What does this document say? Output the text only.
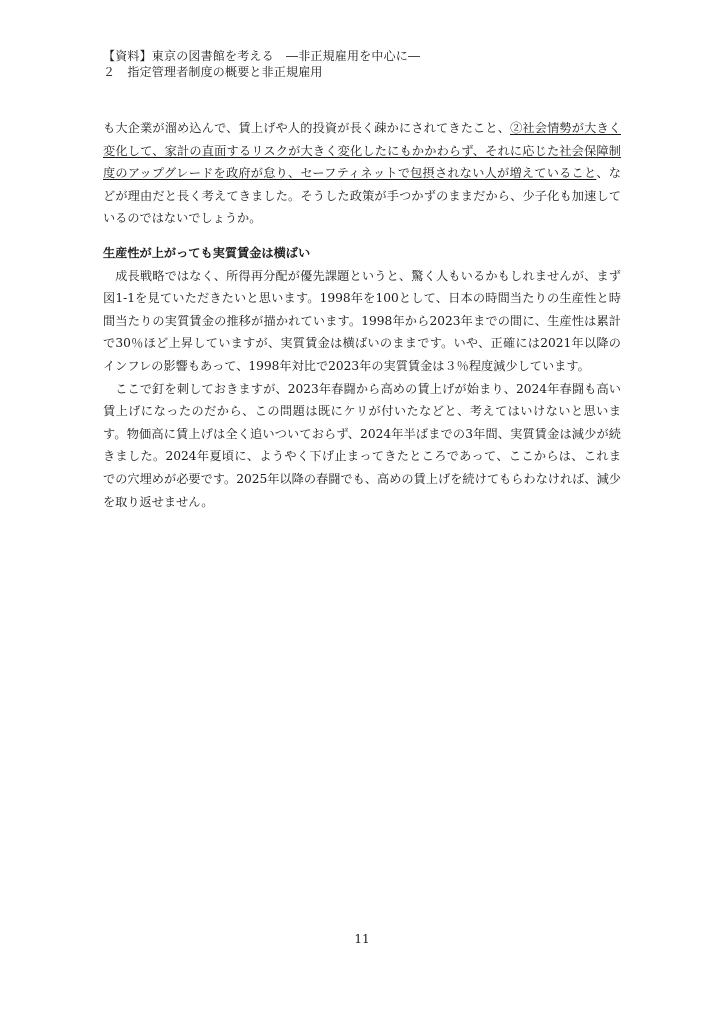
【資料】東京の図書館を考える　―非正規雇用を中心に―
２　指定管理者制度の概要と非正規雇用

も大企業が溜め込んで、賃上げや人的投資が長く疎かにされてきたこと、②社会情勢が大きく変化して、家計の直面するリスクが大きく変化したにもかかわらず、それに応じた社会保障制度のアップグレードを政府が怠り、セーフティネットで包摂されない人が増えていること、などが理由だと長く考えてきました。そうした政策が手つかずのままだから、少子化も加速しているのではないでしょうか。

生産性が上がっても実質賃金は横ばい

成長戦略ではなく、所得再分配が優先課題というと、驚く人もいるかもしれませんが、まず図1-1を見ていただきたいと思います。1998年を100として、日本の時間当たりの生産性と時間当たりの実質賃金の推移が描かれています。1998年から2023年までの間に、生産性は累計で30％ほど上昇していますが、実質賃金は横ばいのままです。いや、正確には2021年以降のインフレの影響もあって、1998年対比で2023年の実質賃金は３％程度減少しています。

ここで釘を刺しておきますが、2023年春闘から高めの賃上げが始まり、2024年春闘も高い賃上げになったのだから、この問題は既にケリが付いたなどと、考えてはいけないと思います。物価高に賃上げは全く追いついておらず、2024年半ばまでの3年間、実質賃金は減少が続きました。2024年夏頃に、ようやく下げ止まってきたところであって、ここからは、これまでの穴埋めが必要です。2025年以降の春闘でも、高めの賃上げを続けてもらわなければ、減少を取り返せません。

11
